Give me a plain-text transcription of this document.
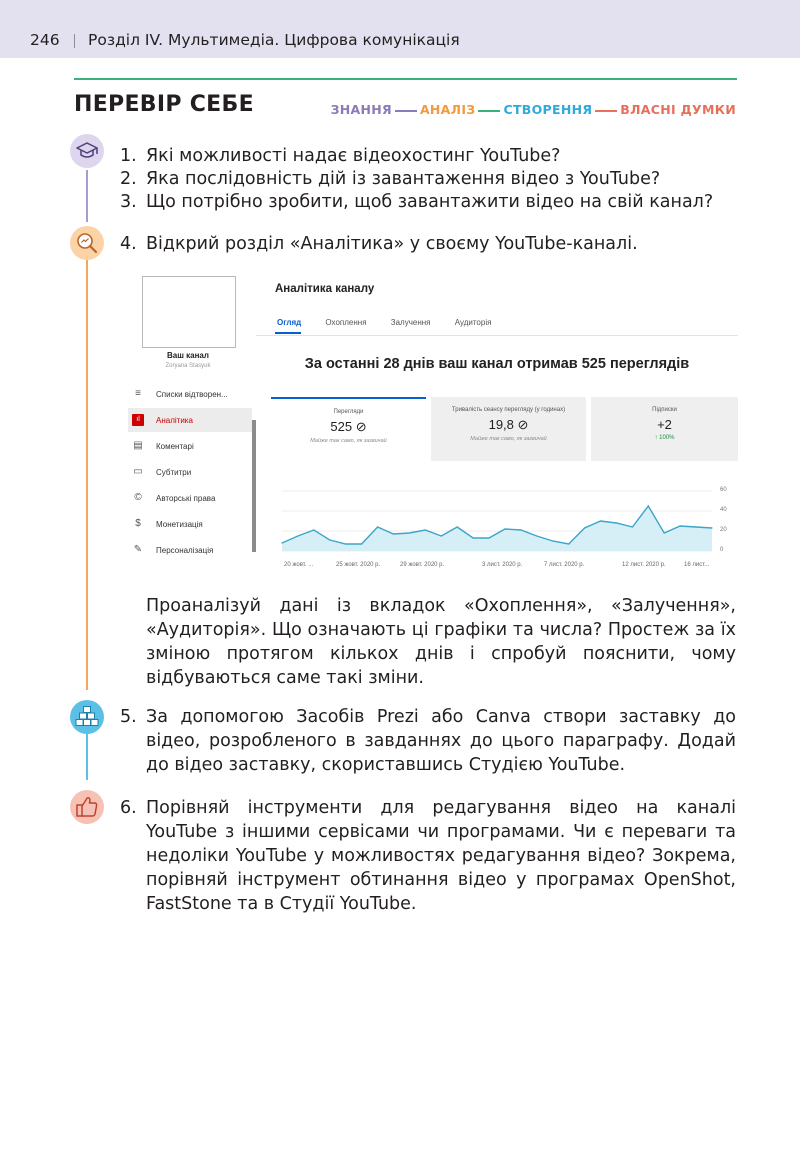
246 Розділ IV. Мультимедіа. Цифрова комунікація
ПЕРЕВІР СЕБЕ	ЗНАННЯ АНАЛІЗ СТВОРЕННЯ ВЛАСНІ ДУМКИ
1. Які можливості надає відеохостинг YouTube?
2. Яка послідовність дій із завантаження відео з YouTube?
3. Що потрібно зробити, щоб завантажити відео на свій канал?
4. Відкрий розділ «Аналітика» у своєму YouTube-каналі.
Ваш канал
Zoryana Stasyuk
≡	Списки відтворен...
ıl	Аналітика
▤ Коментарі
▭ Субтитри
© Авторські права
$	Монетизація
✎ Персоналізація
Аналітика каналу
Огляд	Охоплення	Залучення	Аудиторія
За останні 28 днів ваш канал отримав 525 переглядів
Перегляди
525 ⊘
Майже так само, як зазвичай
Тривалість сеансу перегляду (у годинах)
19,8 ⊘
Майже так само, як зазвичай
Підписки
+2
↑ 100%
0
20
40
60
20 жовт. ...	25 жовт. 2020 р.	29 жовт. 2020 р.	3 лист. 2020 р.	7 лист. 2020 р.	12 лист. 2020 р.	16 лист...
Проаналізуй дані із вкладок «Охоплення», «Залучення», «Аудиторія». Що означають ці графіки та числа? Простеж за їх зміною протягом кількох днів і спробуй пояснити, чому відбуваються саме такі зміни.
5. За допомогою Засобів Prezi або Canva створи заставку до відео, розробленого в завданнях до цього параграфу. Додай до відео заставку, скориставшись Студією YouTube.
6. Порівняй інструменти для редагування відео на каналі YouTube з іншими сервісами чи програмами. Чи є переваги та недоліки YouTube у можливостях редагування відео? Зокрема, порівняй інструмент обтинання відео у програмах OpenShot, FastStone та в Студії YouTube.
